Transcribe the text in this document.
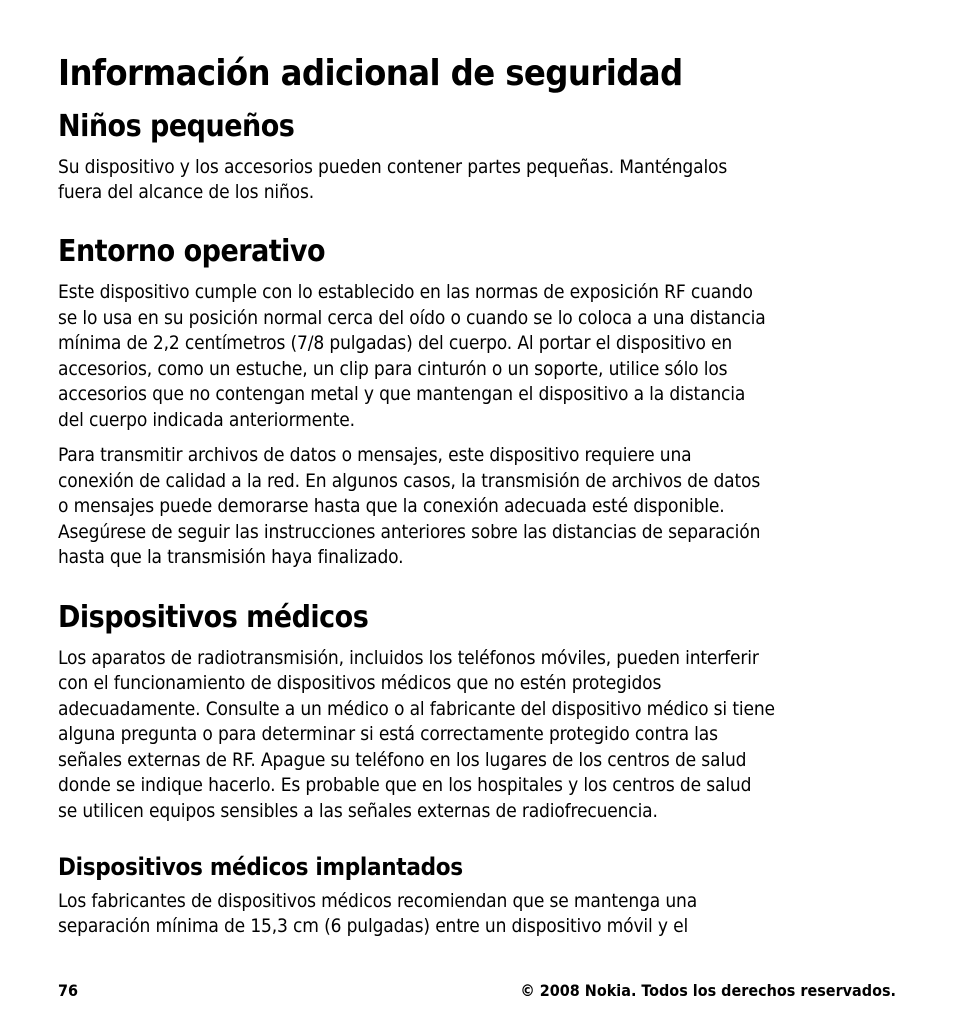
Información adicional de seguridad
Niños pequeños

Su dispositivo y los accesorios pueden contener partes pequeñas. Manténgalos

fuera del alcance de los niños.

Entorno operativo

Este dispositivo cumple con lo establecido en las normas de exposición RF cuando

se lo usa en su posición normal cerca del oído o cuando se lo coloca a una distancia

mínima de 2,2 centímetros (7/8 pulgadas) del cuerpo. Al portar el dispositivo en

accesorios, como un estuche, un clip para cinturón o un soporte, utilice sólo los

accesorios que no contengan metal y que mantengan el dispositivo a la distancia

del cuerpo indicada anteriormente.

Para transmitir archivos de datos o mensajes, este dispositivo requiere una

conexión de calidad a la red. En algunos casos, la transmisión de archivos de datos

o mensajes puede demorarse hasta que la conexión adecuada esté disponible.

Asegúrese de seguir las instrucciones anteriores sobre las distancias de separación

hasta que la transmisión haya finalizado.

Dispositivos médicos

Los aparatos de radiotransmisión, incluidos los teléfonos móviles, pueden interferir

con el funcionamiento de dispositivos médicos que no estén protegidos

adecuadamente. Consulte a un médico o al fabricante del dispositivo médico si tiene

alguna pregunta o para determinar si está correctamente protegido contra las

señales externas de RF. Apague su teléfono en los lugares de los centros de salud

donde se indique hacerlo. Es probable que en los hospitales y los centros de salud

se utilicen equipos sensibles a las señales externas de radiofrecuencia.

Dispositivos médicos implantados

Los fabricantes de dispositivos médicos recomiendan que se mantenga una

separación mínima de 15,3 cm (6 pulgadas) entre un dispositivo móvil y el

76	© 2008 Nokia. Todos los derechos reservados.
